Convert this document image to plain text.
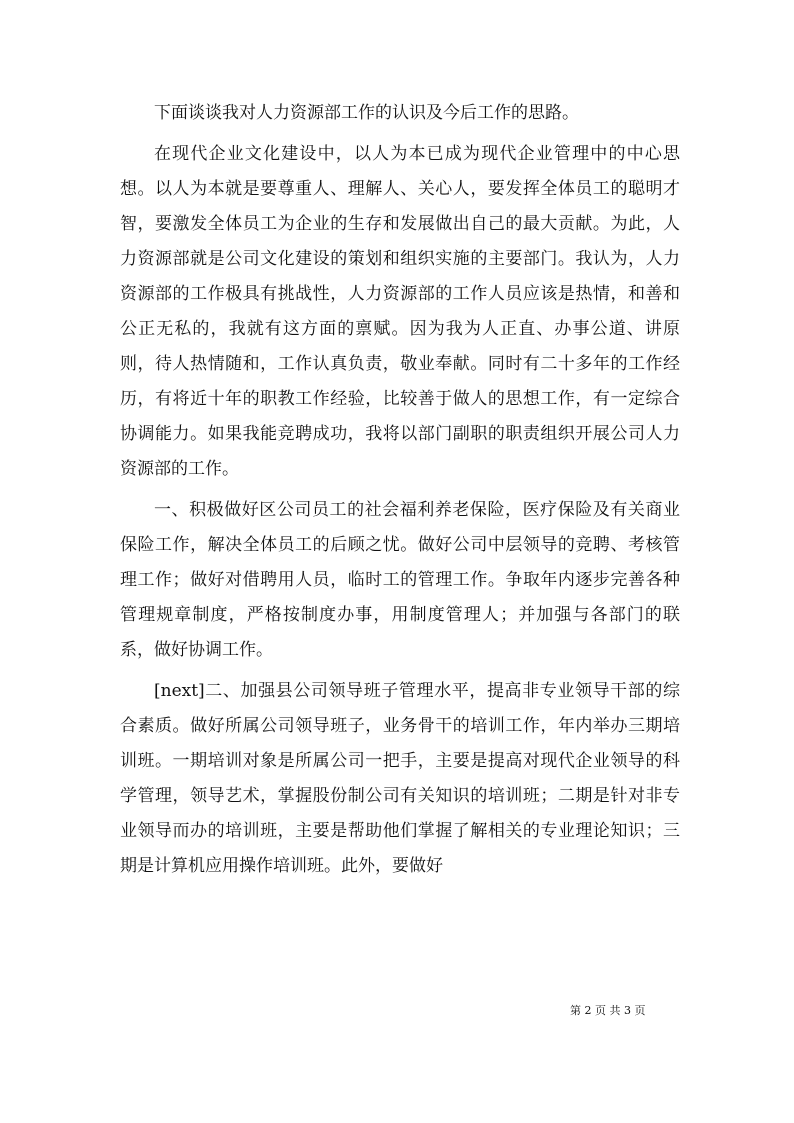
下面谈谈我对人力资源部工作的认识及今后工作的思路。

在现代企业文化建设中，以人为本已成为现代企业管理中的中心思想。以人为本就是要尊重人、理解人、关心人，要发挥全体员工的聪明才智，要激发全体员工为企业的生存和发展做出自己的最大贡献。为此，人力资源部就是公司文化建设的策划和组织实施的主要部门。我认为，人力资源部的工作极具有挑战性，人力资源部的工作人员应该是热情，和善和公正无私的，我就有这方面的禀赋。因为我为人正直、办事公道、讲原则，待人热情随和，工作认真负责，敬业奉献。同时有二十多年的工作经历，有将近十年的职教工作经验，比较善于做人的思想工作，有一定综合协调能力。如果我能竞聘成功，我将以部门副职的职责组织开展公司人力资源部的工作。

一、积极做好区公司员工的社会福利养老保险，医疗保险及有关商业保险工作，解决全体员工的后顾之忧。做好公司中层领导的竞聘、考核管理工作；做好对借聘用人员，临时工的管理工作。争取年内逐步完善各种管理规章制度，严格按制度办事，用制度管理人；并加强与各部门的联系，做好协调工作。

[next]二、加强县公司领导班子管理水平，提高非专业领导干部的综合素质。做好所属公司领导班子，业务骨干的培训工作，年内举办三期培训班。一期培训对象是所属公司一把手，主要是提高对现代企业领导的科学管理，领导艺术，掌握股份制公司有关知识的培训班；二期是针对非专业领导而办的培训班，主要是帮助他们掌握了解相关的专业理论知识；三期是计算机应用操作培训班。此外，要做好

第 2 页 共 3 页
